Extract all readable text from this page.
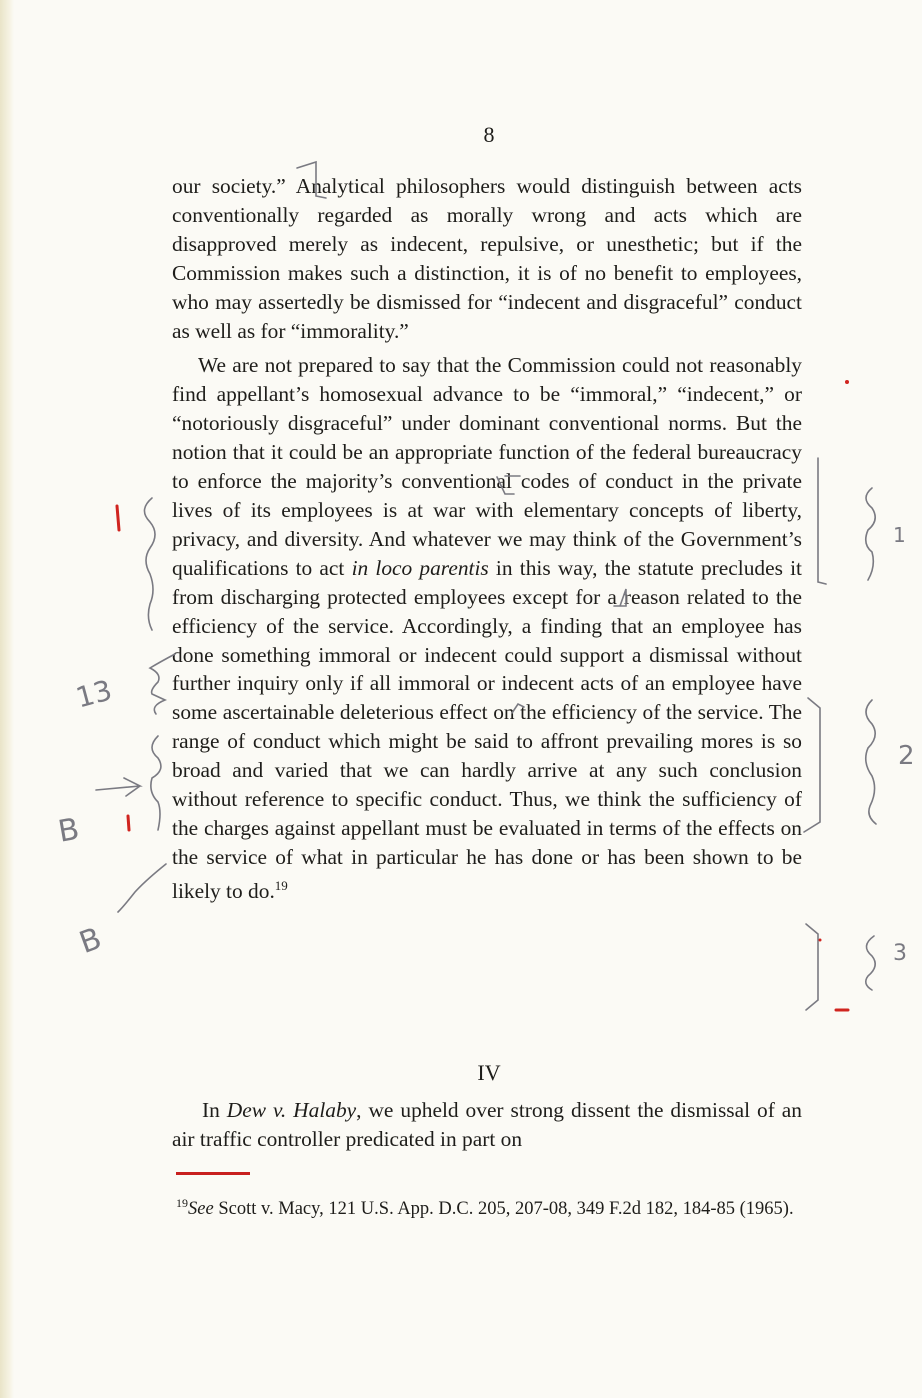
8

our society.” Analytical philosophers would distinguish between acts conventionally regarded as morally wrong and acts which are disapproved merely as indecent, repulsive, or unesthetic; but if the Commission makes such a distinction, it is of no benefit to employees, who may assertedly be dismissed for “indecent and disgraceful” conduct as well as for “immorality.”

We are not prepared to say that the Commission could not reasonably find appellant’s homosexual advance to be “immoral,” “indecent,” or “notoriously disgraceful” under dominant conventional norms. But the notion that it could be an appropriate function of the federal bureaucracy to enforce the majority’s conventional codes of conduct in the private lives of its employees is at war with elementary concepts of liberty, privacy, and diversity. And whatever we may think of the Government’s qualifications to act in loco parentis in this way, the statute precludes it from discharging protected employees except for a reason related to the efficiency of the service. Accordingly, a finding that an employee has done something immoral or indecent could support a dismissal without further inquiry only if all immoral or indecent acts of an employee have some ascertainable deleterious effect on the efficiency of the service. The range of conduct which might be said to affront prevailing mores is so broad and varied that we can hardly arrive at any such conclusion without reference to specific conduct. Thus, we think the sufficiency of the charges against appellant must be evaluated in terms of the effects on the service of what in particular he has done or has been shown to be likely to do.$^{19}$

IV

In Dew v. Halaby, we upheld over strong dissent the dismissal of an air traffic controller predicated in part on

$^{19}$See Scott v. Macy, 121 U.S. App. D.C. 205, 207-08, 349 F.2d 182, 184-85 (1965).
13
B
B
1
2
3
